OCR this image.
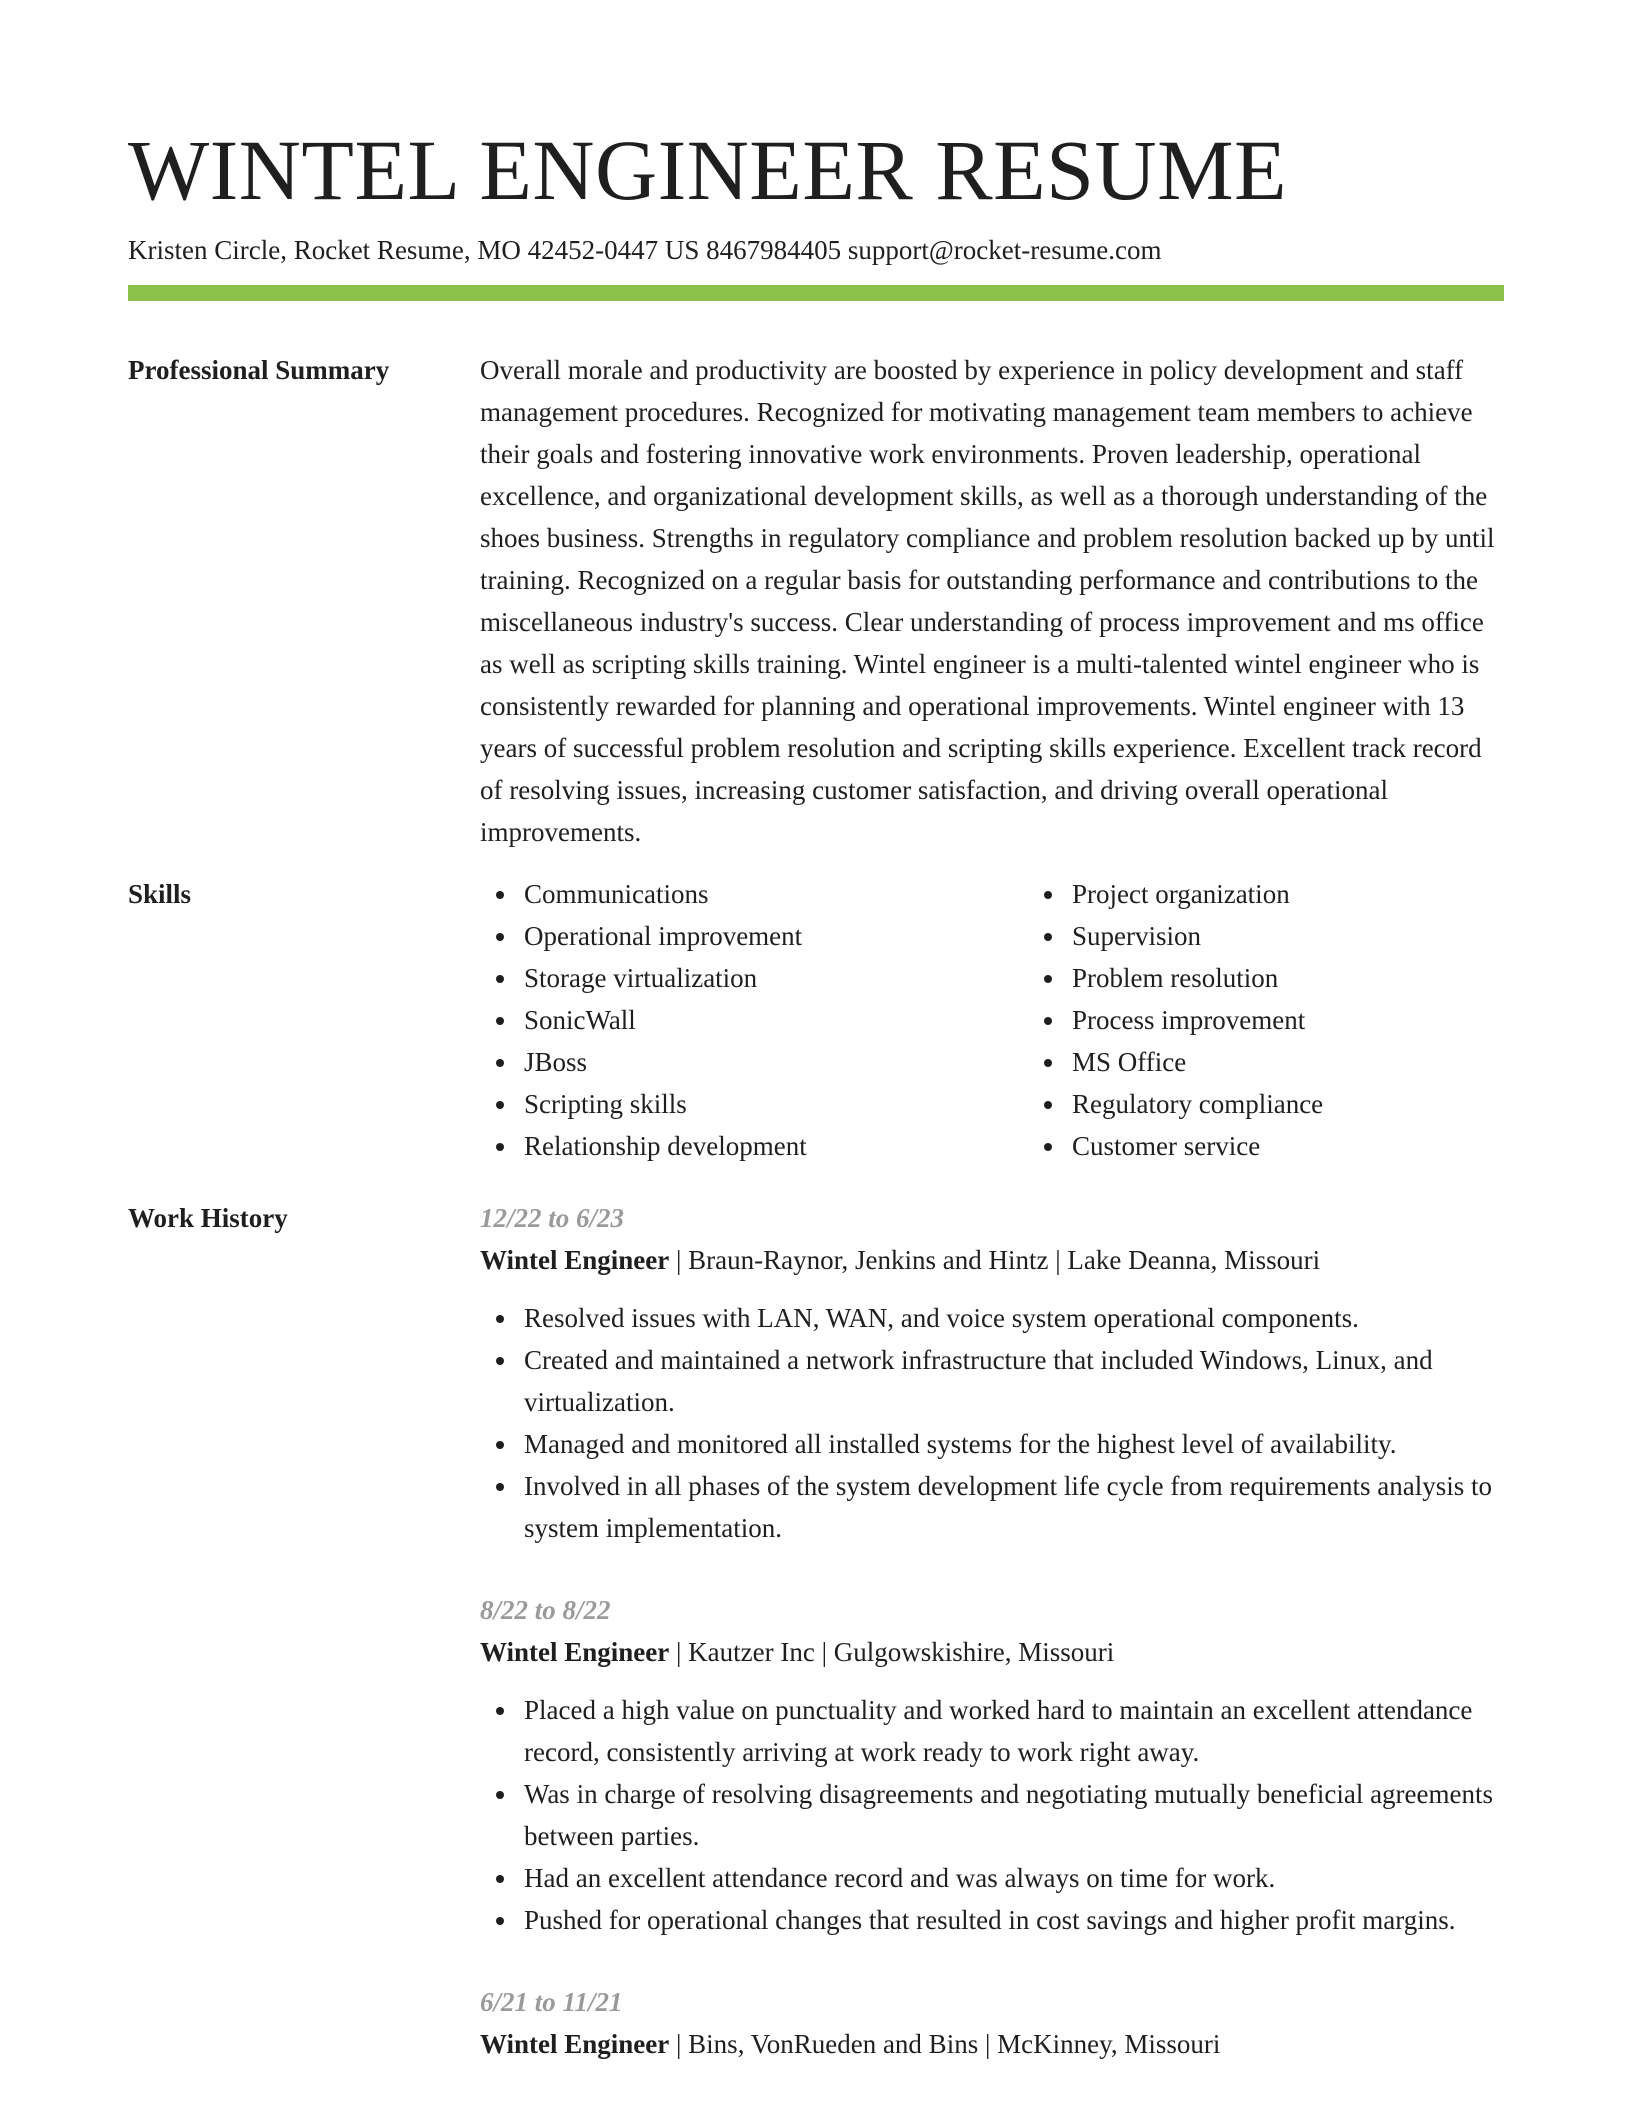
WINTEL ENGINEER RESUME
Kristen Circle, Rocket Resume, MO 42452-0447 US 8467984405 support@rocket-resume.com
Professional Summary	Overall morale and productivity are boosted by experience in policy development and staff management procedures. Recognized for motivating management team members to achieve their goals and fostering innovative work environments. Proven leadership, operational excellence, and organizational development skills, as well as a thorough understanding of the shoes business. Strengths in regulatory compliance and problem resolution backed up by until training. Recognized on a regular basis for outstanding performance and contributions to the miscellaneous industry's success. Clear understanding of process improvement and ms office as well as scripting skills training. Wintel engineer is a multi-talented wintel engineer who is consistently rewarded for planning and operational improvements. Wintel engineer with 13 years of successful problem resolution and scripting skills experience. Excellent track record of resolving issues, increasing customer satisfaction, and driving overall operational improvements.

Skills	Communications
Operational improvement
Storage virtualization
SonicWall
JBoss
Scripting skills
Relationship development
Project organization
Supervision
Problem resolution
Process improvement
MS Office
Regulatory compliance
Customer service
Work History	12/22 to 6/23
Wintel Engineer | Braun-Raynor, Jenkins and Hintz | Lake Deanna, Missouri
Resolved issues with LAN, WAN, and voice system operational components.
Created and maintained a network infrastructure that included Windows, Linux, and virtualization.
Managed and monitored all installed systems for the highest level of availability.
Involved in all phases of the system development life cycle from requirements analysis to system implementation.
8/22 to 8/22
Wintel Engineer | Kautzer Inc | Gulgowskishire, Missouri
Placed a high value on punctuality and worked hard to maintain an excellent attendance record, consistently arriving at work ready to work right away.
Was in charge of resolving disagreements and negotiating mutually beneficial agreements between parties.
Had an excellent attendance record and was always on time for work.
Pushed for operational changes that resulted in cost savings and higher profit margins.
6/21 to 11/21
Wintel Engineer | Bins, VonRueden and Bins | McKinney, Missouri
